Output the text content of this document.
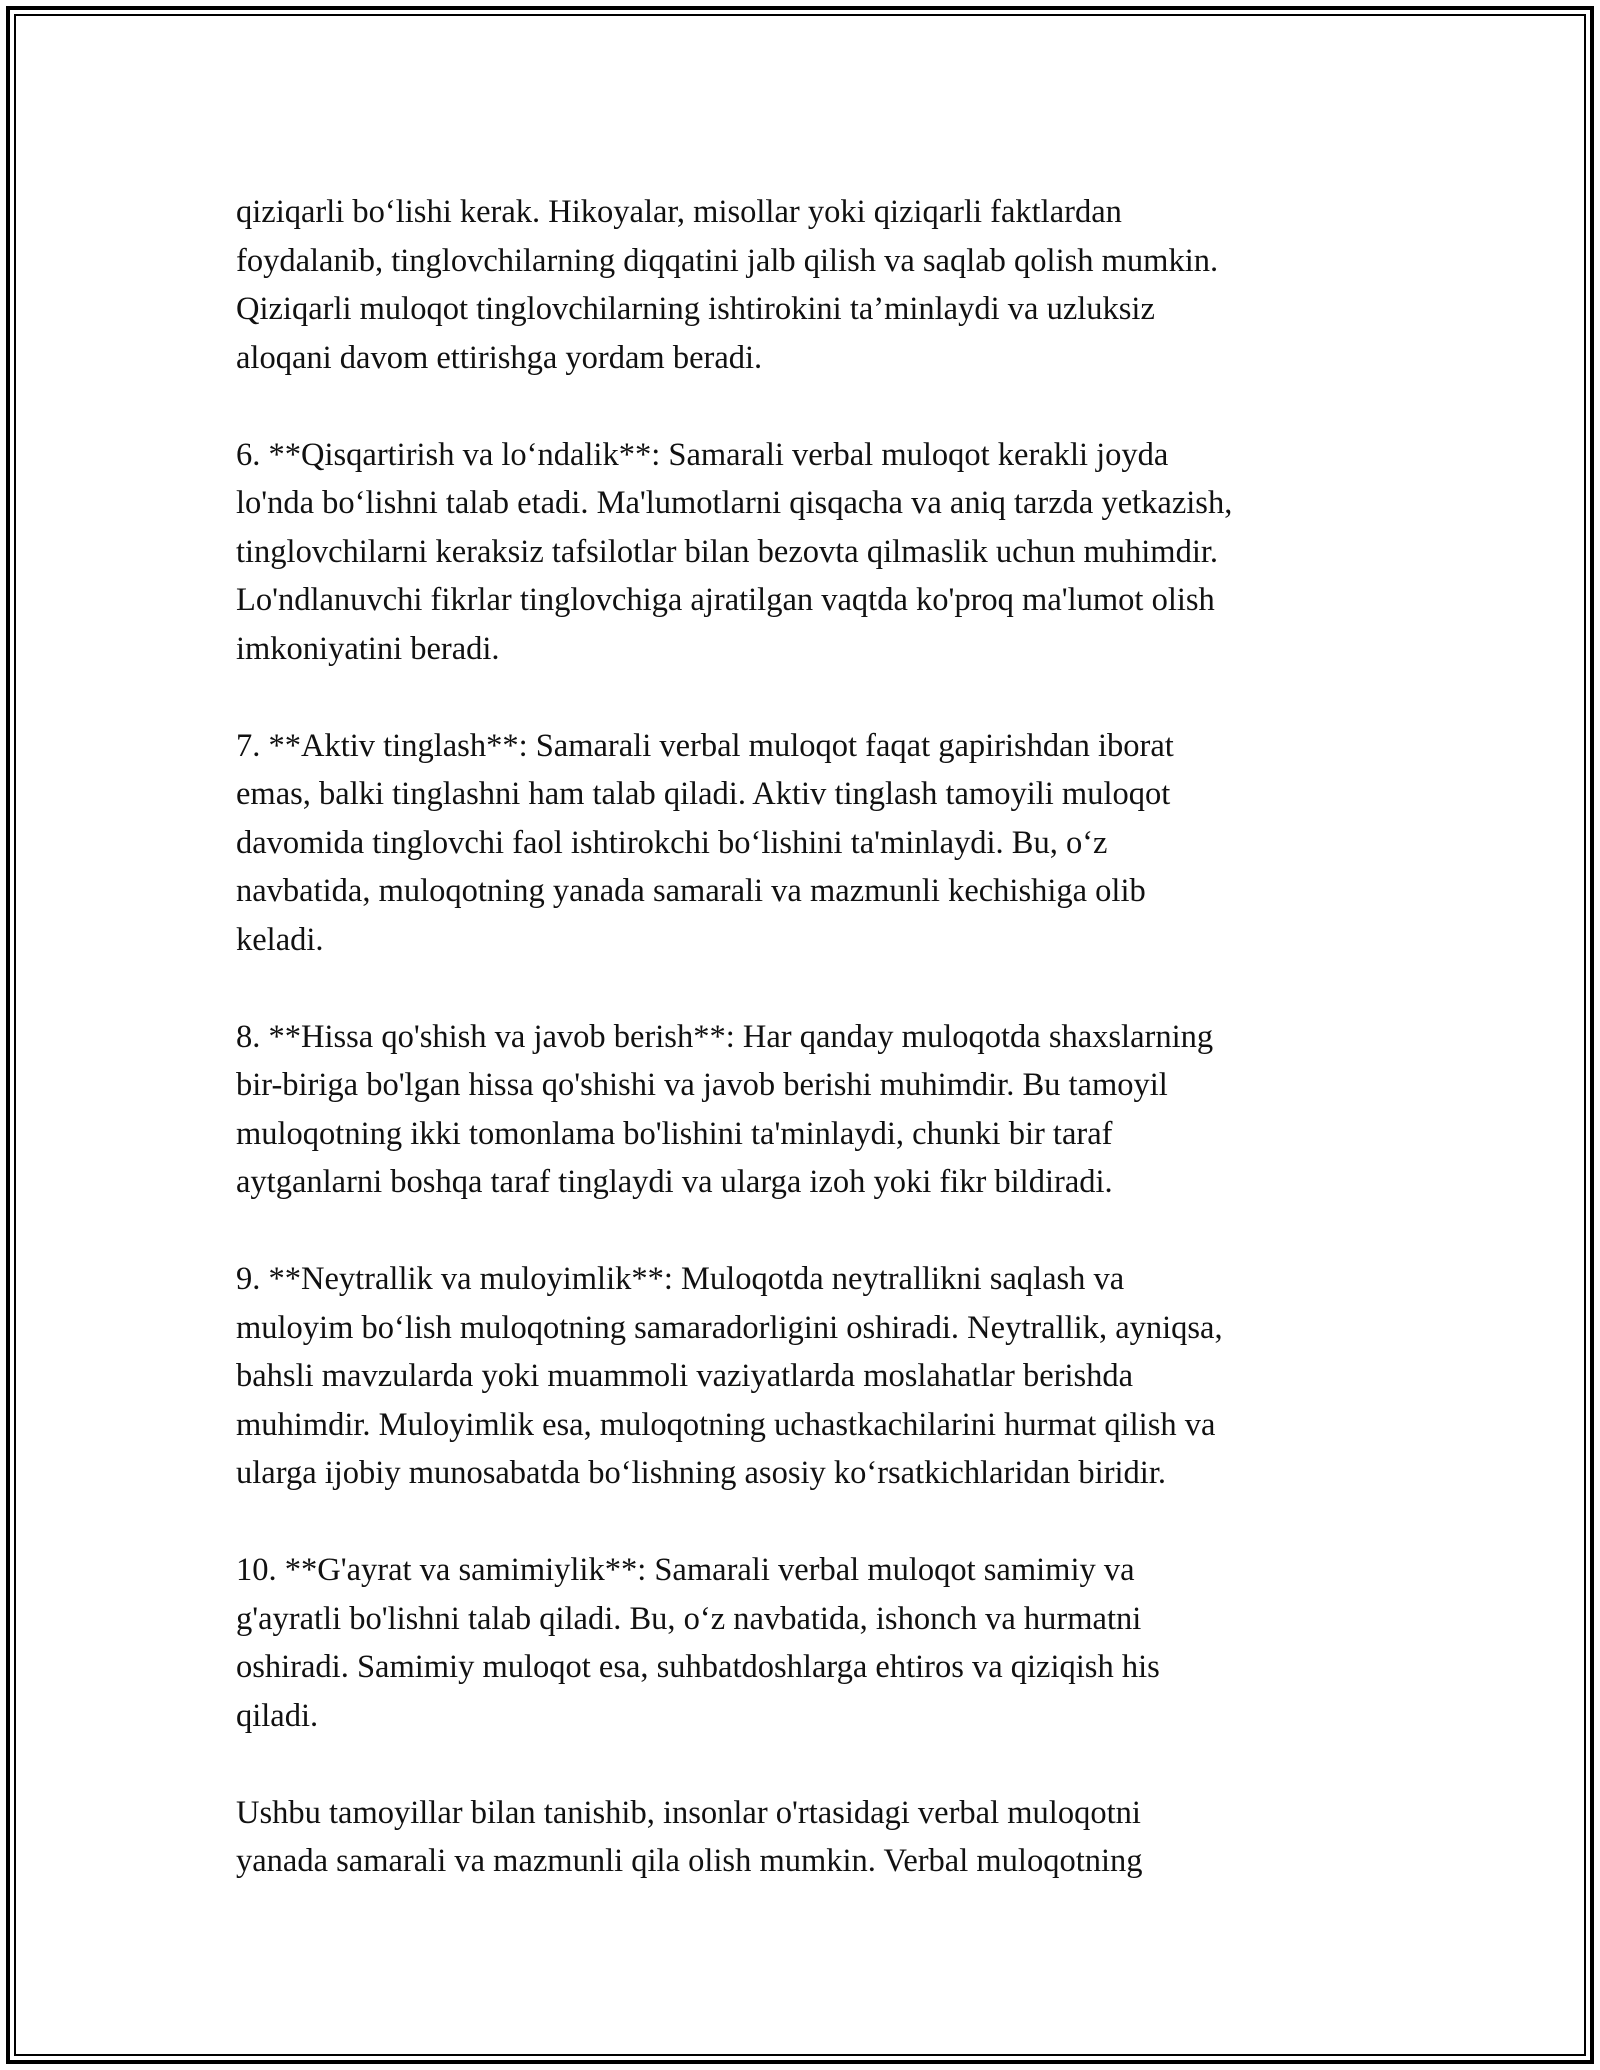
qiziqarli bo‘lishi kerak. Hikoyalar, misollar yoki qiziqarli faktlardan
foydalanib, tinglovchilarning diqqatini jalb qilish va saqlab qolish mumkin.
Qiziqarli muloqot tinglovchilarning ishtirokini ta’minlaydi va uzluksiz
aloqani davom ettirishga yordam beradi.

6. **Qisqartirish va lo‘ndalik**: Samarali verbal muloqot kerakli joyda
lo'nda bo‘lishni talab etadi. Ma'lumotlarni qisqacha va aniq tarzda yetkazish,
tinglovchilarni keraksiz tafsilotlar bilan bezovta qilmaslik uchun muhimdir.
Lo'ndlanuvchi fikrlar tinglovchiga ajratilgan vaqtda ko'proq ma'lumot olish
imkoniyatini beradi.

7. **Aktiv tinglash**: Samarali verbal muloqot faqat gapirishdan iborat
emas, balki tinglashni ham talab qiladi. Aktiv tinglash tamoyili muloqot
davomida tinglovchi faol ishtirokchi bo‘lishini ta'minlaydi. Bu, o‘z
navbatida, muloqotning yanada samarali va mazmunli kechishiga olib
keladi.

8. **Hissa qo'shish va javob berish**: Har qanday muloqotda shaxslarning
bir-biriga bo'lgan hissa qo'shishi va javob berishi muhimdir. Bu tamoyil
muloqotning ikki tomonlama bo'lishini ta'minlaydi, chunki bir taraf
aytganlarni boshqa taraf tinglaydi va ularga izoh yoki fikr bildiradi.

9. **Neytrallik va muloyimlik**: Muloqotda neytrallikni saqlash va
muloyim bo‘lish muloqotning samaradorligini oshiradi. Neytrallik, ayniqsa,
bahsli mavzularda yoki muammoli vaziyatlarda moslahatlar berishda
muhimdir. Muloyimlik esa, muloqotning uchastkachilarini hurmat qilish va
ularga ijobiy munosabatda bo‘lishning asosiy ko‘rsatkichlaridan biridir.

10. **G'ayrat va samimiylik**: Samarali verbal muloqot samimiy va
g'ayratli bo'lishni talab qiladi. Bu, o‘z navbatida, ishonch va hurmatni
oshiradi. Samimiy muloqot esa, suhbatdoshlarga ehtiros va qiziqish his
qiladi.

Ushbu tamoyillar bilan tanishib, insonlar o'rtasidagi verbal muloqotni
yanada samarali va mazmunli qila olish mumkin. Verbal muloqotning
